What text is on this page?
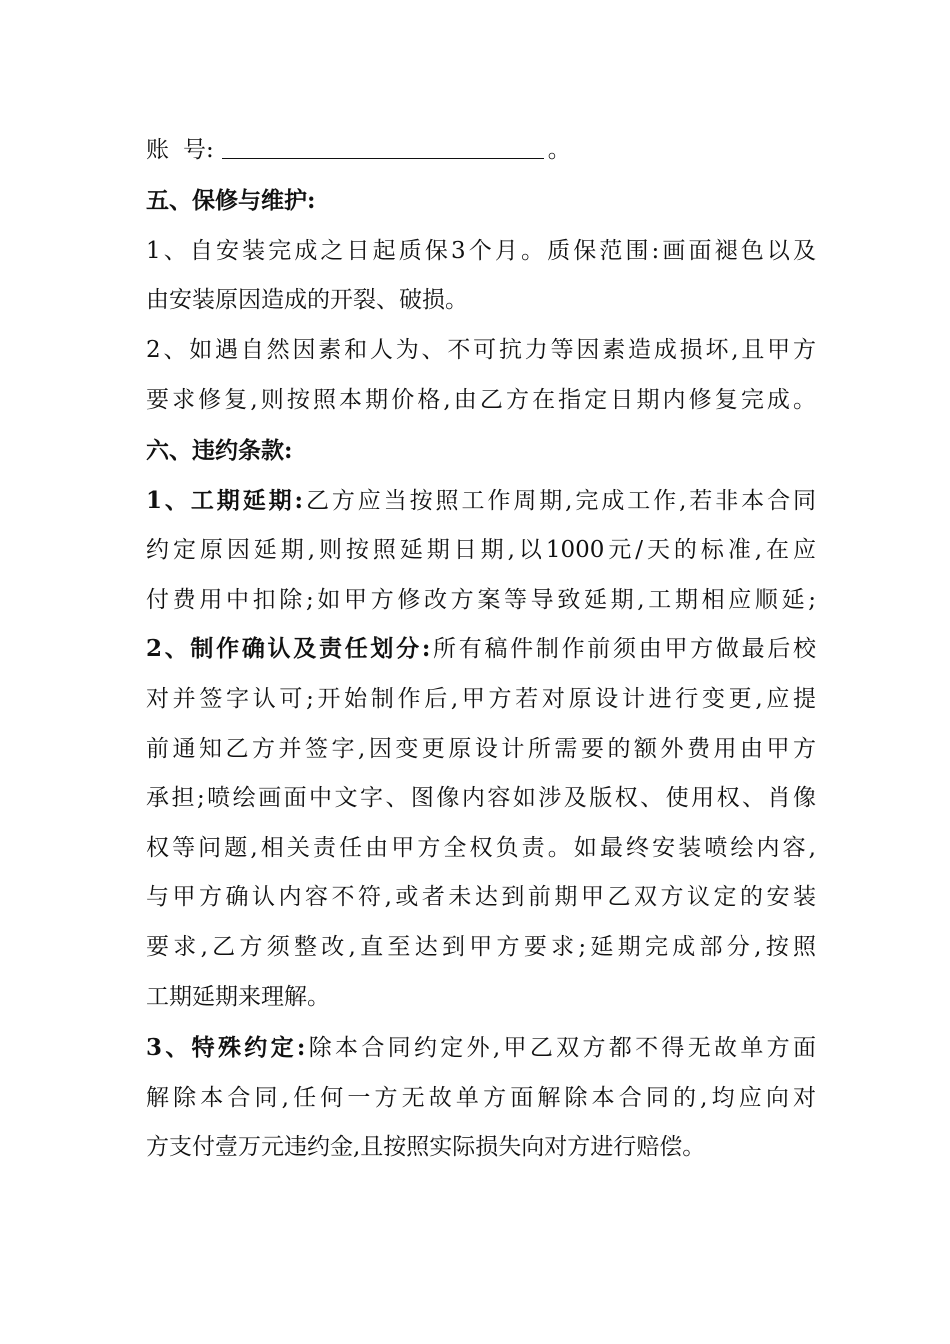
账 号:	。
五、保修与维护:
1、自安装完成之日起质保3个月。质保范围:画面褪色以及
由安装原因造成的开裂、破损。
2、如遇自然因素和人为、不可抗力等因素造成损坏,且甲方
要求修复,则按照本期价格,由乙方在指定日期内修复完成。
六、违约条款:
1、工期延期:乙方应当按照工作周期,完成工作,若非本合同
约定原因延期,则按照延期日期,以1000元/天的标准,在应
付费用中扣除;如甲方修改方案等导致延期,工期相应顺延;
2、制作确认及责任划分:所有稿件制作前须由甲方做最后校
对并签字认可;开始制作后,甲方若对原设计进行变更,应提
前通知乙方并签字,因变更原设计所需要的额外费用由甲方
承担;喷绘画面中文字、图像内容如涉及版权、使用权、肖像
权等问题,相关责任由甲方全权负责。如最终安装喷绘内容,
与甲方确认内容不符,或者未达到前期甲乙双方议定的安装
要求,乙方须整改,直至达到甲方要求;延期完成部分,按照
工期延期来理解。
3、特殊约定:除本合同约定外,甲乙双方都不得无故单方面
解除本合同,任何一方无故单方面解除本合同的,均应向对
方支付壹万元违约金,且按照实际损失向对方进行赔偿。
